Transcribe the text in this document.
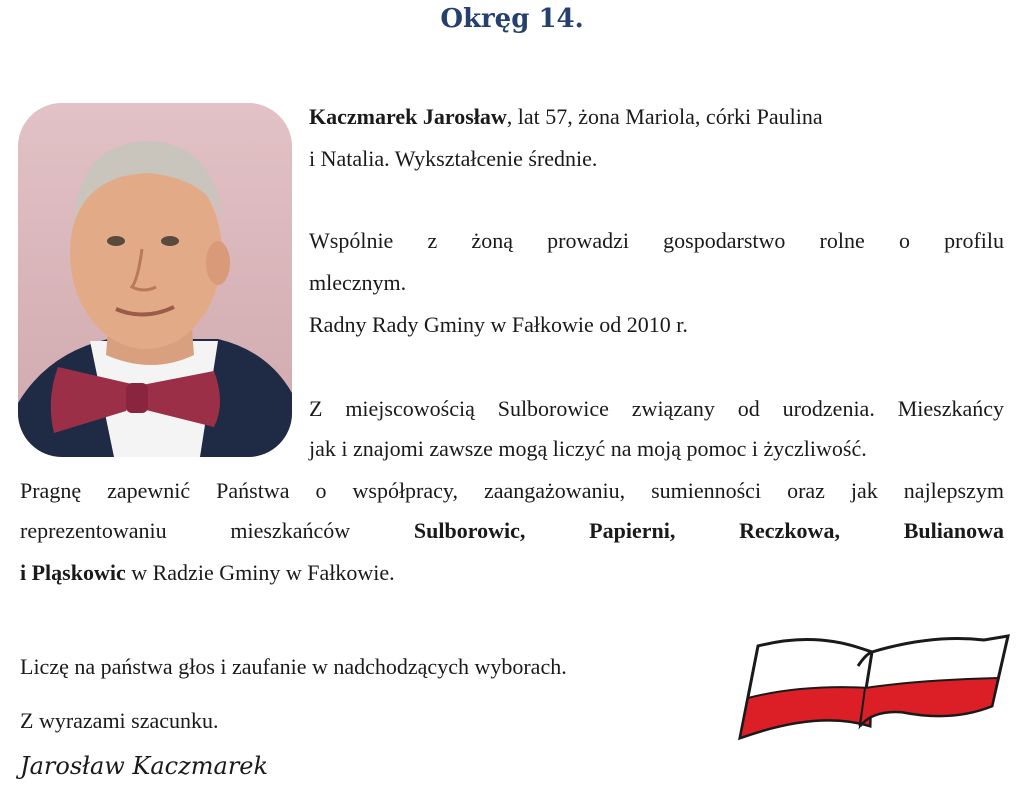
Okręg 14.

Kaczmarek Jarosław, lat 57, żona Mariola, córki Paulina

i Natalia. Wykształcenie średnie.

Wspólnie z żoną prowadzi gospodarstwo rolne o profilu

mlecznym.

Radny Rady Gminy w Fałkowie od 2010 r.

Z miejscowością Sulborowice związany od urodzenia. Mieszkańcy

jak i znajomi zawsze mogą liczyć na moją pomoc i życzliwość.

Pragnę zapewnić Państwa o współpracy, zaangażowaniu, sumienności oraz jak najlepszym

reprezentowaniu mieszkańców	Sulborowic,	Papierni,	Reczkowa,	Bulianowa

i Pląskowic w Radzie Gminy w Fałkowie.

Liczę na państwa głos i zaufanie w nadchodzących wyborach.

Z wyrazami szacunku.

Jarosław Kaczmarek
